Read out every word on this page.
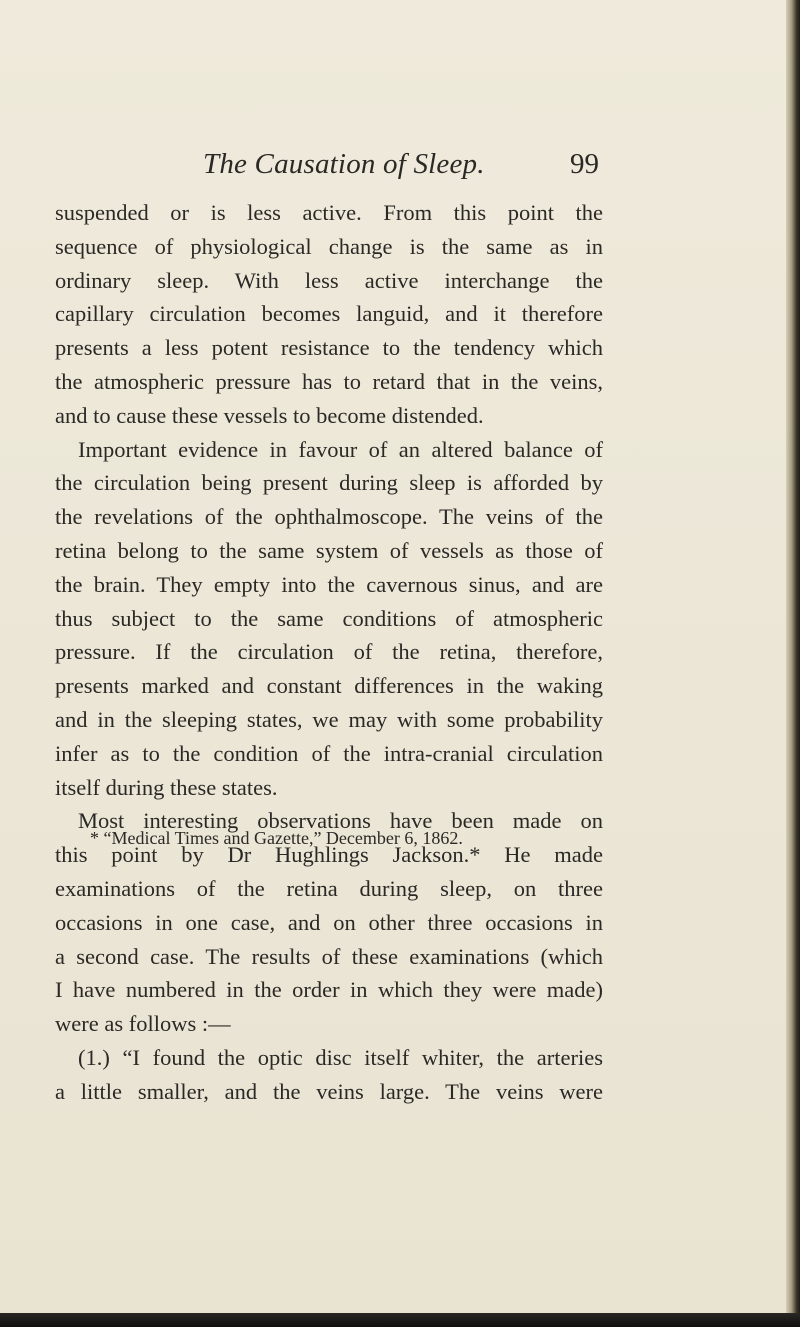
The Causation of Sleep.	99
suspended or is less active. From this point the
sequence of physiological change is the same as in
ordinary sleep. With less active interchange the
capillary circulation becomes languid, and it therefore
presents a less potent resistance to the tendency which
the atmospheric pressure has to retard that in the veins,
and to cause these vessels to become distended.
Important evidence in favour of an altered balance of
the circulation being present during sleep is afforded by
the revelations of the ophthalmoscope. The veins of the
retina belong to the same system of vessels as those of
the brain. They empty into the cavernous sinus, and are
thus subject to the same conditions of atmospheric
pressure. If the circulation of the retina, therefore,
presents marked and constant differences in the waking
and in the sleeping states, we may with some probability
infer as to the condition of the intra-cranial circulation
itself during these states.
Most interesting observations have been made on
this point by Dr Hughlings Jackson.* He made
examinations of the retina during sleep, on three
occasions in one case, and on other three occasions in
a second case. The results of these examinations (which
I have numbered in the order in which they were made)
were as follows :—
(1.) “I found the optic disc itself whiter, the arteries
a little smaller, and the veins large. The veins were
* “Medical Times and Gazette,” December 6, 1862.
